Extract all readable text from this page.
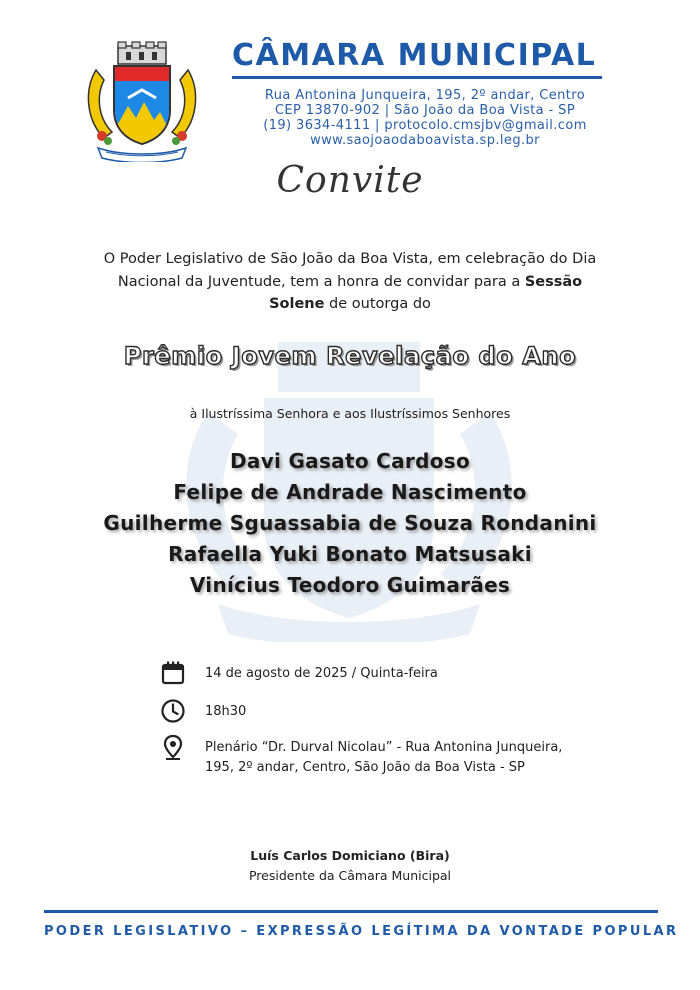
CÂMARA MUNICIPAL
Rua Antonina Junqueira, 195, 2º andar, Centro
CEP 13870-902 | São João da Boa Vista - SP
(19) 3634-4111 | protocolo.cmsjbv@gmail.com
www.saojoaodaboavista.sp.leg.br
Convite
O Poder Legislativo de São João da Boa Vista, em celebração do Dia Nacional da Juventude, tem a honra de convidar para a Sessão Solene de outorga do
Prêmio Jovem Revelação do Ano
à Ilustríssima Senhora e aos Ilustríssimos Senhores
Davi Gasato Cardoso
Felipe de Andrade Nascimento
Guilherme Sguassabia de Souza Rondanini
Rafaella Yuki Bonato Matsusaki
Vinícius Teodoro Guimarães
14 de agosto de 2025 / Quinta-feira
18h30
Plenário “Dr. Durval Nicolau” - Rua Antonina Junqueira,
195, 2º andar, Centro, São João da Boa Vista - SP
Luís Carlos Domiciano (Bira)
Presidente da Câmara Municipal
PODER LEGISLATIVO – EXPRESSÃO LEGÍTIMA DA VONTADE POPULAR
